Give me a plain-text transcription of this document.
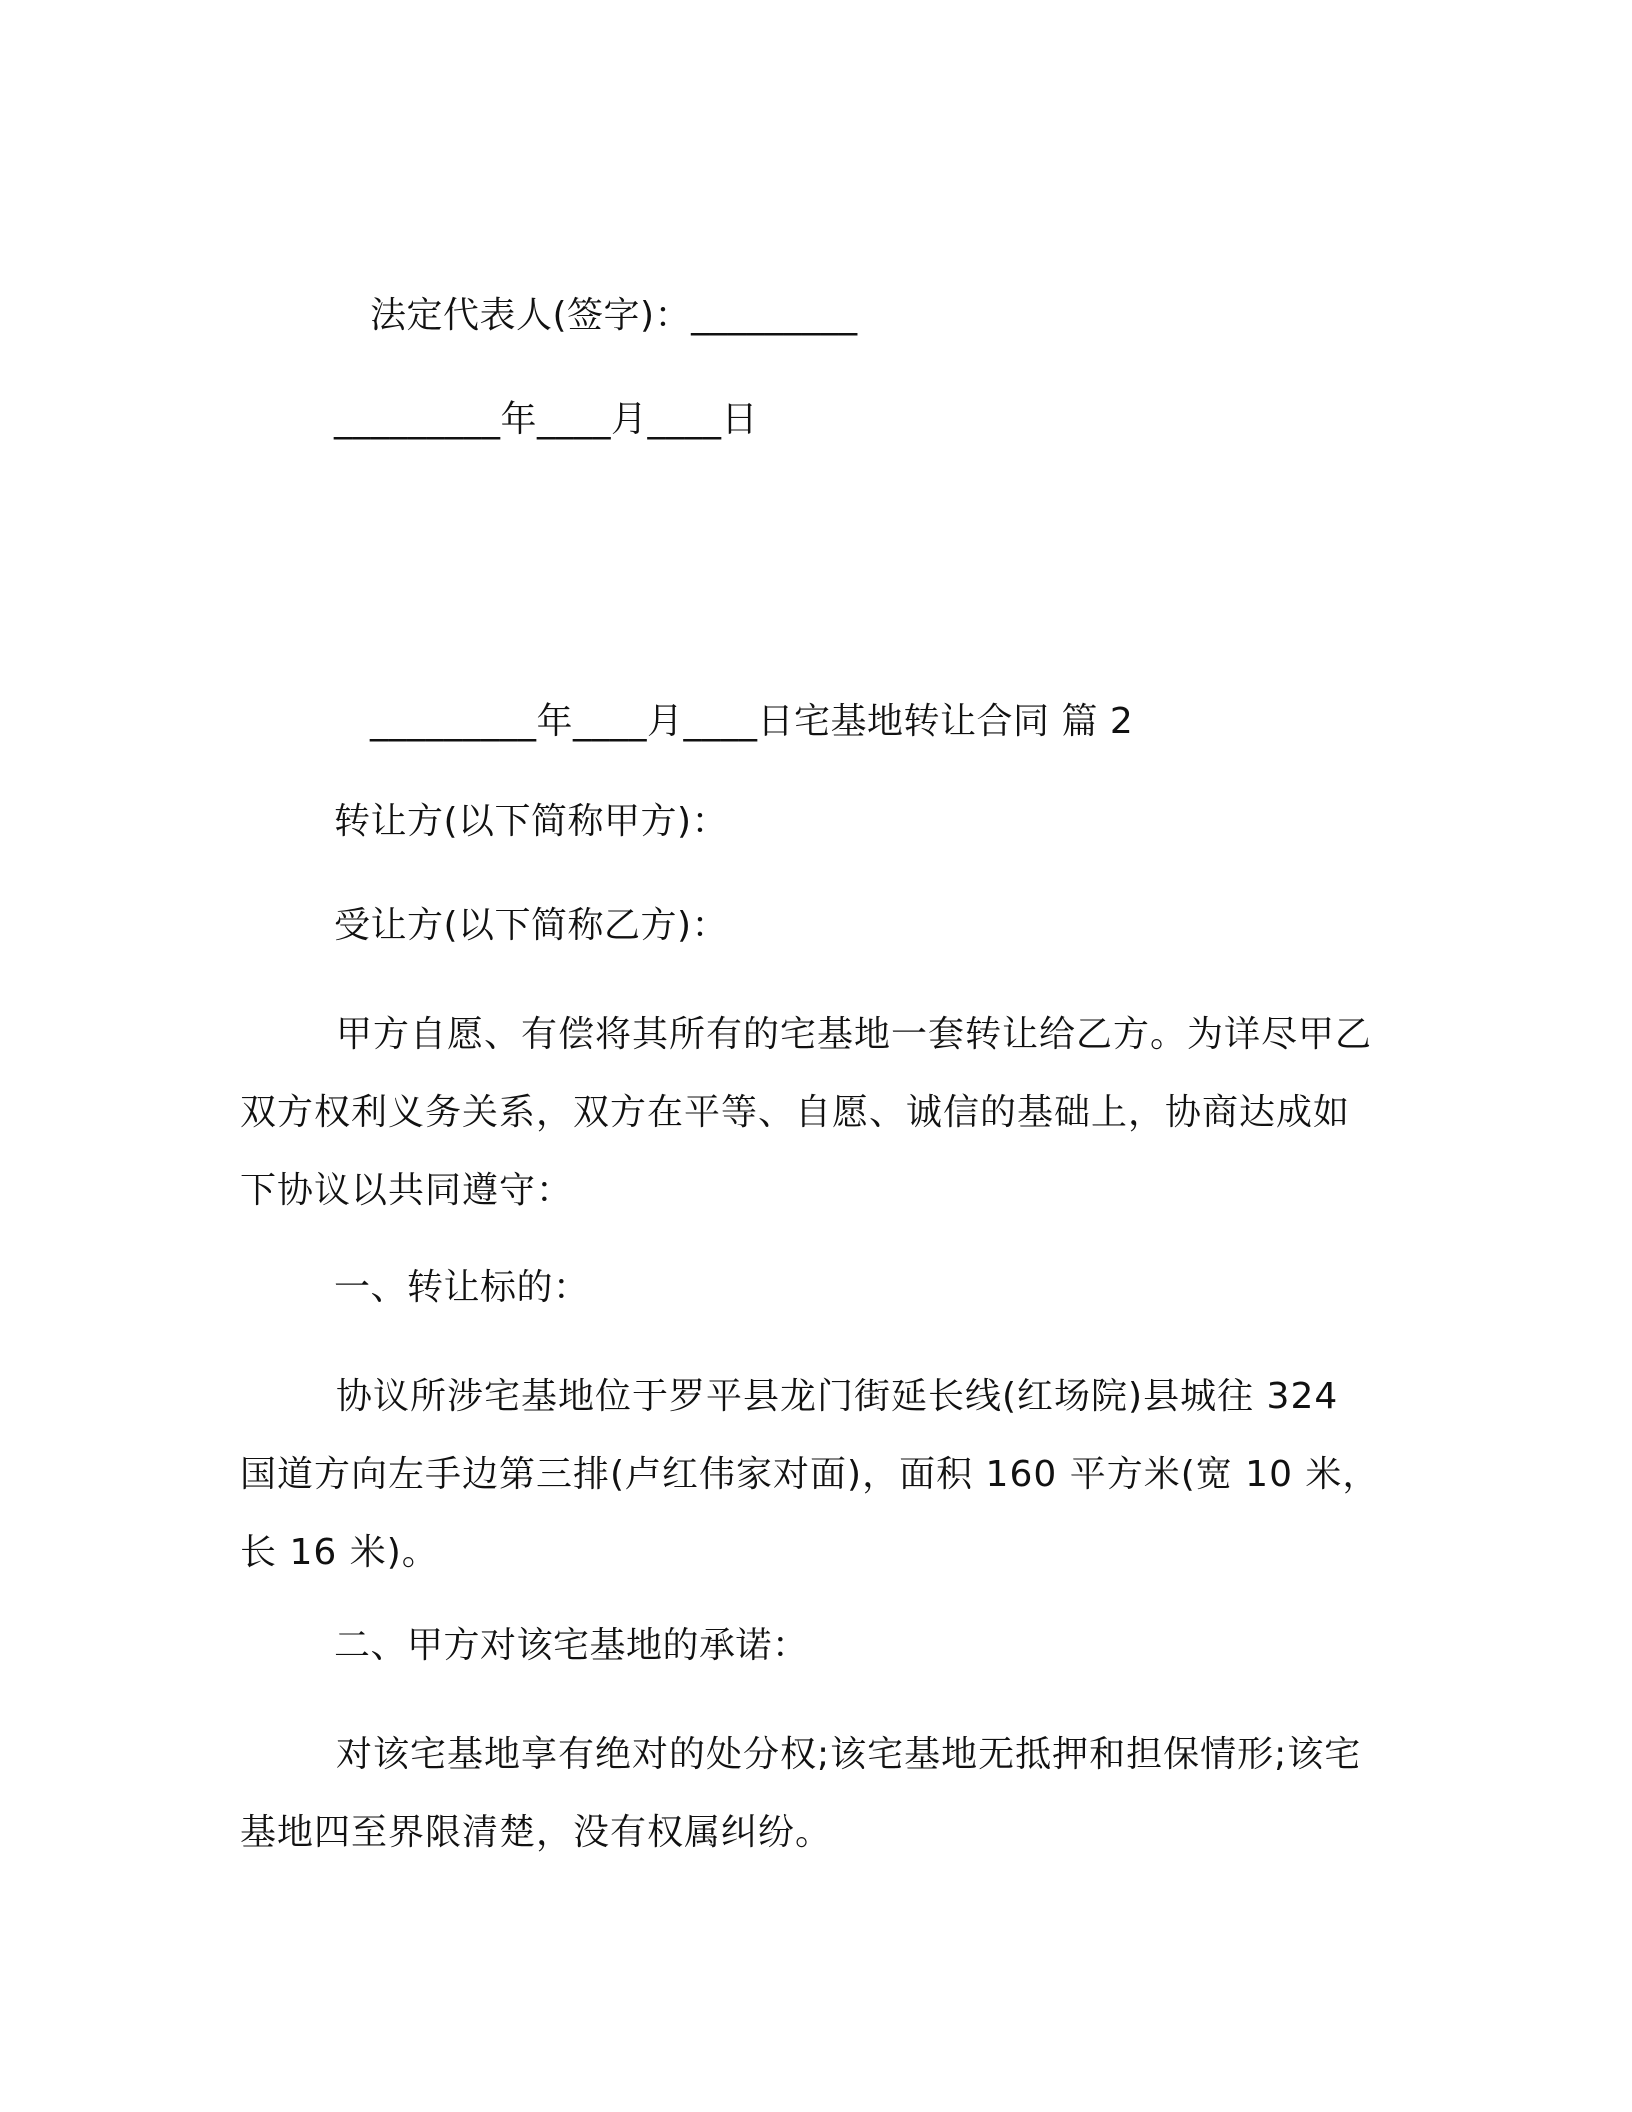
法定代表人(签字)：_________
_________年____月____日
_________年____月____日宅基地转让合同 篇 2
转让方(以下简称甲方)：
受让方(以下简称乙方)：
甲方自愿、有偿将其所有的宅基地一套转让给乙方。为详尽甲乙双方权利义务关系，双方在平等、自愿、诚信的基础上，协商达成如下协议以共同遵守：
一、转让标的：
协议所涉宅基地位于罗平县龙门街延长线(红场院)县城往 324 国道方向左手边第三排(卢红伟家对面)，面积 160 平方米(宽 10 米，长 16 米)。
二、甲方对该宅基地的承诺：
对该宅基地享有绝对的处分权;该宅基地无抵押和担保情形;该宅基地四至界限清楚，没有权属纠纷。
